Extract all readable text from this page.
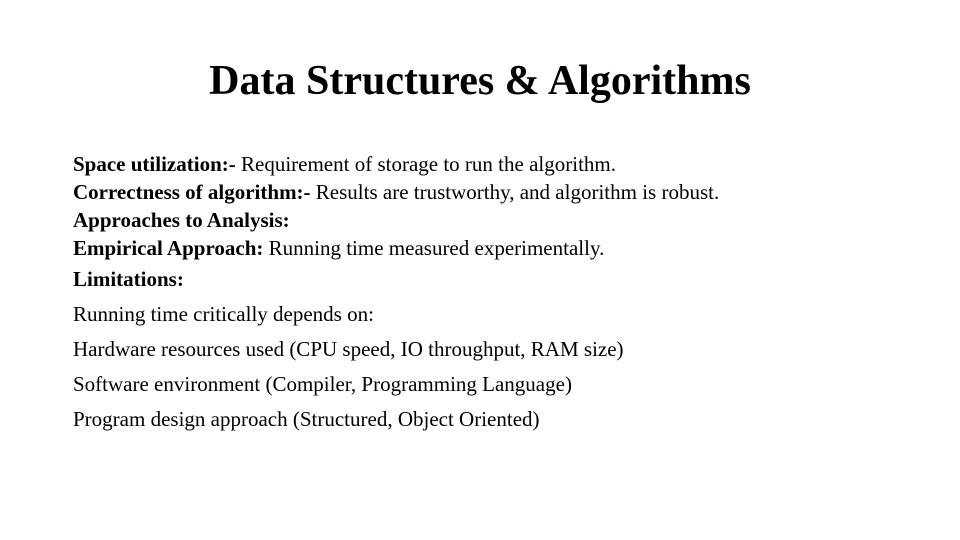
Data Structures & Algorithms

Space utilization:- Requirement of storage to run the algorithm.

Correctness of algorithm:- Results are trustworthy, and algorithm is robust.

Approaches to Analysis:

Empirical Approach: Running time measured experimentally.

Limitations:

Running time critically depends on:

Hardware resources used (CPU speed, IO throughput, RAM size)

Software environment (Compiler, Programming Language)

Program design approach (Structured, Object Oriented)
